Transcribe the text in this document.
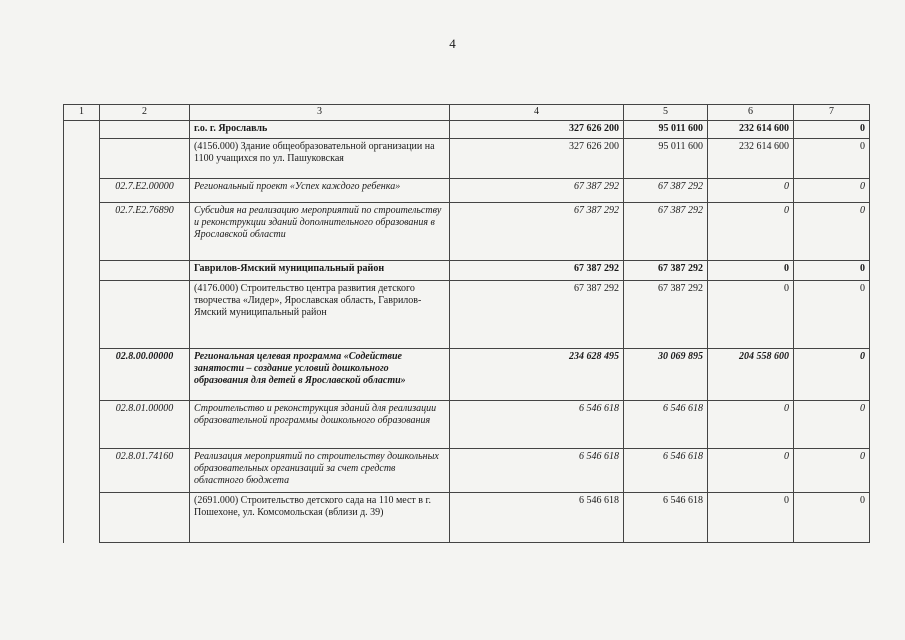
4
1	2	3	4	5	6	7
		г.о. г. Ярославль	327 626 200	95 011 600	232 614 600	0
		(4156.000) Здание общеобразовательной организации на 1100 учащихся по ул. Пашуковская	327 626 200	95 011 600	232 614 600	0
	02.7.E2.00000	Региональный проект «Успех каждого ребенка»	67 387 292	67 387 292	0	0
	02.7.E2.76890	Субсидия на реализацию мероприятий по строительству и реконструкции зданий дополнительного образования в Ярославской области	67 387 292	67 387 292	0	0
		Гаврилов-Ямский муниципальный район	67 387 292	67 387 292	0	0
		(4176.000) Строительство центра развития детского творчества «Лидер», Ярославская область, Гаврилов-Ямский муниципальный район	67 387 292	67 387 292	0	0
	02.8.00.00000	Региональная целевая программа «Содействие занятости – создание условий дошкольного образования для детей в Ярославской области»	234 628 495	30 069 895	204 558 600	0
	02.8.01.00000	Строительство и реконструкция зданий для реализации образовательной программы дошкольного образования	6 546 618	6 546 618	0	0
	02.8.01.74160	Реализация мероприятий по строительству дошкольных образовательных организаций за счет средств областного бюджета	6 546 618	6 546 618	0	0
		(2691.000) Строительство детского сада на 110 мест в г. Пошехоне, ул. Комсомольская (вблизи д. 39)	6 546 618	6 546 618	0	0
